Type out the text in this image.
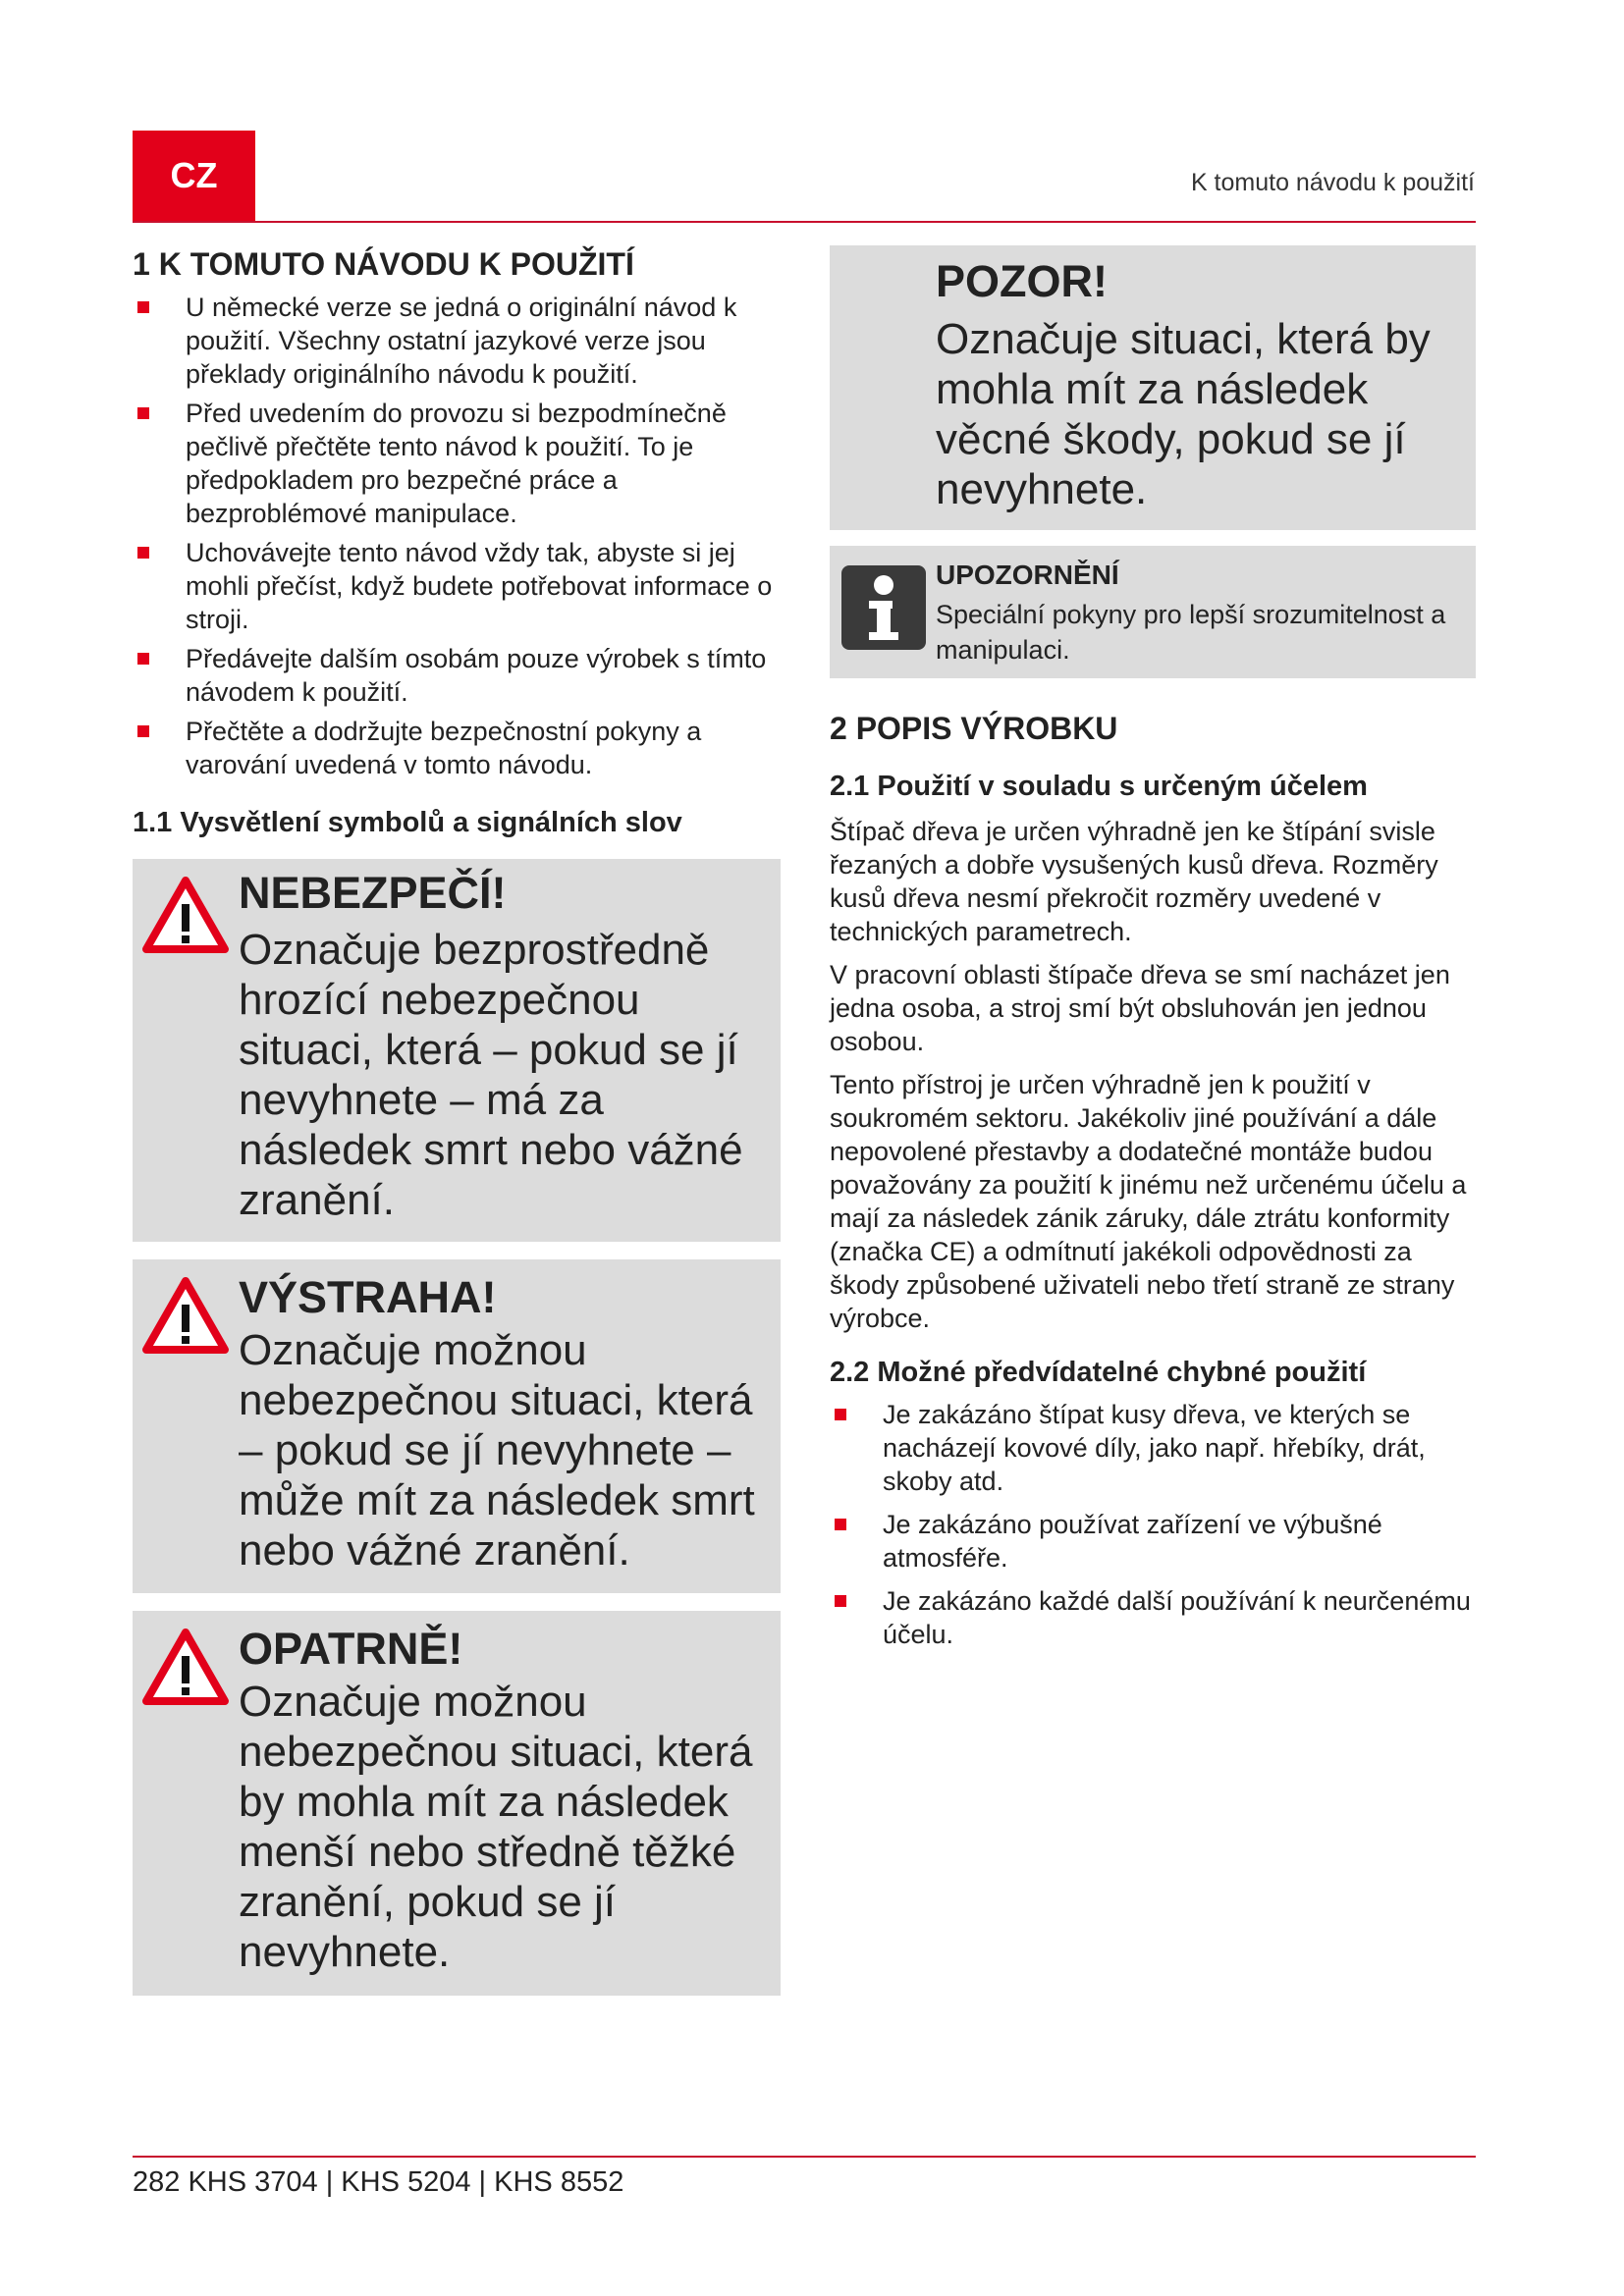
CZ	K tomuto návodu k použití
1 K TOMUTO NÁVODU K POUŽITÍ
U německé verze se jedná o originální návod k použití. Všechny ostatní jazykové verze jsou překlady originálního návodu k použití.
Před uvedením do provozu si bezpodmínečně pečlivě přečtěte tento návod k použití. To je předpokladem pro bezpečné práce a bezproblémové manipulace.
Uchovávejte tento návod vždy tak, abyste si jej mohli přečíst, když budete potřebovat informace o stroji.
Předávejte dalším osobám pouze výrobek s tímto návodem k použití.
Přečtěte a dodržujte bezpečnostní pokyny a varování uvedená v tomto návodu.
1.1 Vysvětlení symbolů a signálních slov
NEBEZPEČÍ!
Označuje bezprostředně hrozící nebezpečnou situaci, která – pokud se jí nevyhnete – má za následek smrt nebo vážné zranění.
VÝSTRAHA!
Označuje možnou nebezpečnou situaci, která – pokud se jí nevyhnete – může mít za následek smrt nebo vážné zranění.
OPATRNĚ!
Označuje možnou nebezpečnou situaci, která by mohla mít za následek menší nebo středně těžké zranění, pokud se jí nevyhnete.
POZOR!
Označuje situaci, která by mohla mít za následek věcné škody, pokud se jí nevyhnete.
UPOZORNĚNÍ
Speciální pokyny pro lepší srozumitelnost a manipulaci.
2 POPIS VÝROBKU
2.1 Použití v souladu s určeným účelem

Štípač dřeva je určen výhradně jen ke štípání svisle řezaných a dobře vysušených kusů dřeva. Rozměry kusů dřeva nesmí překročit rozměry uvedené v technických parametrech.

V pracovní oblasti štípače dřeva se smí nacházet jen jedna osoba, a stroj smí být obsluhován jen jednou osobou.

Tento přístroj je určen výhradně jen k použití v soukromém sektoru. Jakékoliv jiné používání a dále nepovolené přestavby a dodatečné montáže budou považovány za použití k jinému než určenému účelu a mají za následek zánik záruky, dále ztrátu konformity (značka CE) a odmítnutí jakékoli odpovědnosti za škody způsobené uživateli nebo třetí straně ze strany výrobce.

2.2 Možné předvídatelné chybné použití
Je zakázáno štípat kusy dřeva, ve kterých se nacházejí kovové díly, jako např. hřebíky, drát, skoby atd.
Je zakázáno používat zařízení ve výbušné atmosféře.
Je zakázáno každé další používání k neurčenému účelu.
282 KHS 3704 | KHS 5204 | KHS 8552
